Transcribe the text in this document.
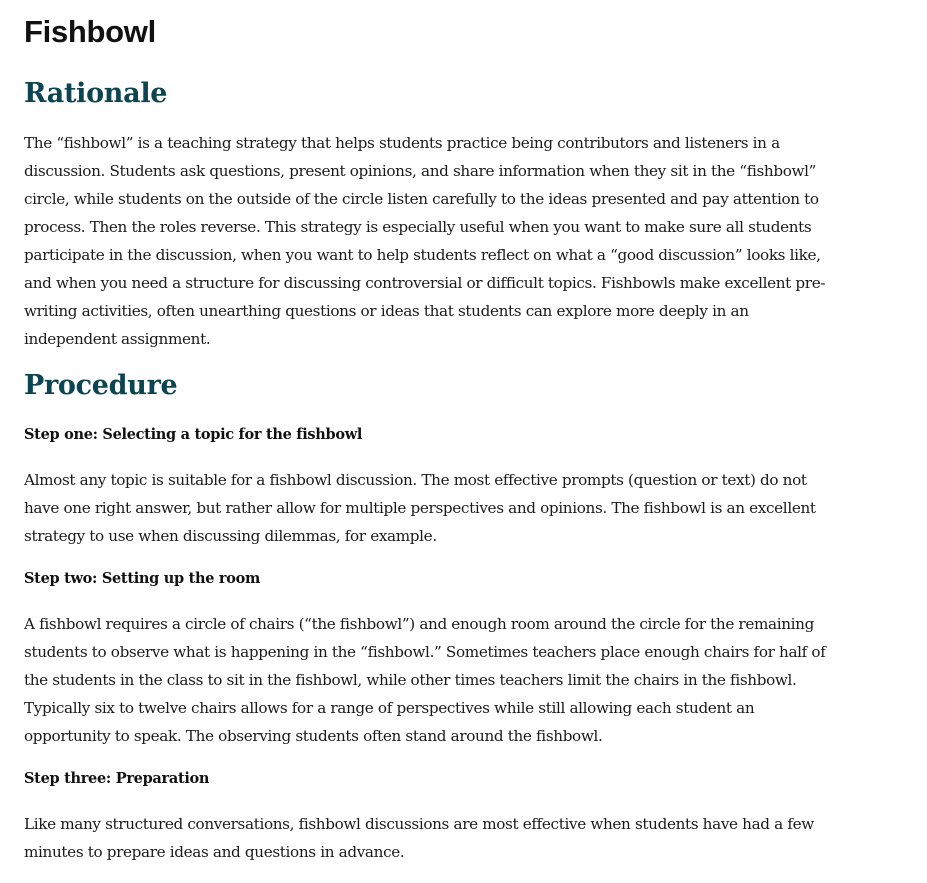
Fishbowl
Rationale

The “fishbowl” is a teaching strategy that helps students practice being contributors and listeners in a discussion. Students ask questions, present opinions, and share information when they sit in the “fishbowl” circle, while students on the outside of the circle listen carefully to the ideas presented and pay attention to process. Then the roles reverse. This strategy is especially useful when you want to make sure all students participate in the discussion, when you want to help students reflect on what a “good discussion” looks like, and when you need a structure for discussing controversial or difficult topics. Fishbowls make excellent pre-writing activities, often unearthing questions or ideas that students can explore more deeply in an independent assignment.

Procedure
Step one: Selecting a topic for the fishbowl

Almost any topic is suitable for a fishbowl discussion. The most effective prompts (question or text) do not have one right answer, but rather allow for multiple perspectives and opinions. The fishbowl is an excellent strategy to use when discussing dilemmas, for example.

Step two: Setting up the room

A fishbowl requires a circle of chairs (“the fishbowl”) and enough room around the circle for the remaining students to observe what is happening in the “fishbowl.” Sometimes teachers place enough chairs for half of the students in the class to sit in the fishbowl, while other times teachers limit the chairs in the fishbowl. Typically six to twelve chairs allows for a range of perspectives while still allowing each student an opportunity to speak. The observing students often stand around the fishbowl.

Step three: Preparation

Like many structured conversations, fishbowl discussions are most effective when students have had a few minutes to prepare ideas and questions in advance.
